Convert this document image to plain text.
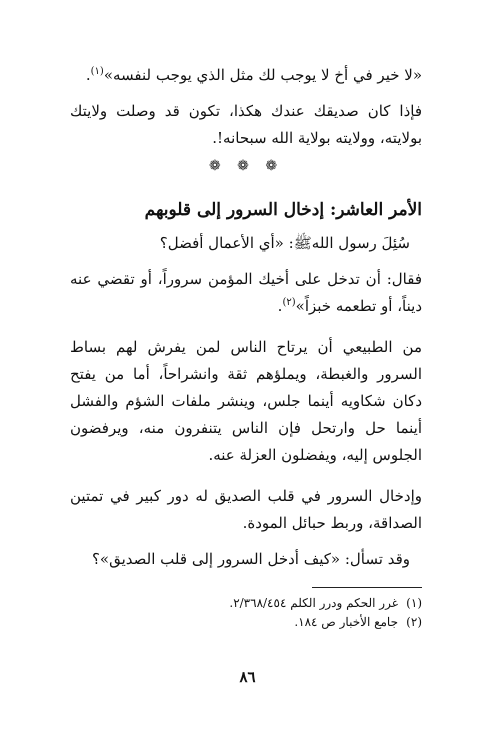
«لا خير في أخ لا يوجب لك مثل الذي يوجب لنفسه»$^{(١)}$.

فإذا كان صديقك عندك هكذا، تكون قد وصلت ولايتك بولايته، وولايته بولاية الله سبحانه!.

❁ ❁ ❁
الأمر العاشر: إدخال السرور إلى قلوبهم

سُئِلَ رسول اللهﷺ: «أي الأعمال أفضل؟

فقال: أن تدخل على أخيك المؤمن سروراً، أو تقضي عنه ديناً، أو تطعمه خبزاً»$^{(٢)}$.

من الطبيعي أن يرتاح الناس لمن يفرش لهم بساط السرور والغبطة، ويملؤهم ثقة وانشراحاً، أما من يفتح دكان شكاويه أينما جلس، وينشر ملفات الشؤم والفشل أينما حل وارتحل فإن الناس يتنفرون منه، ويرفضون الجلوس إليه، ويفضلون العزلة عنه.

وإدخال السرور في قلب الصديق له دور كبير في تمتين الصداقة، وربط حبائل المودة.

وقد تسأل: «كيف أدخل السرور إلى قلب الصديق»؟

(١)غرر الحكم ودرر الكلم ٢/٣٦٨/٤٥٤.

(٢)جامع الأخبار ص ١٨٤.

٨٦
